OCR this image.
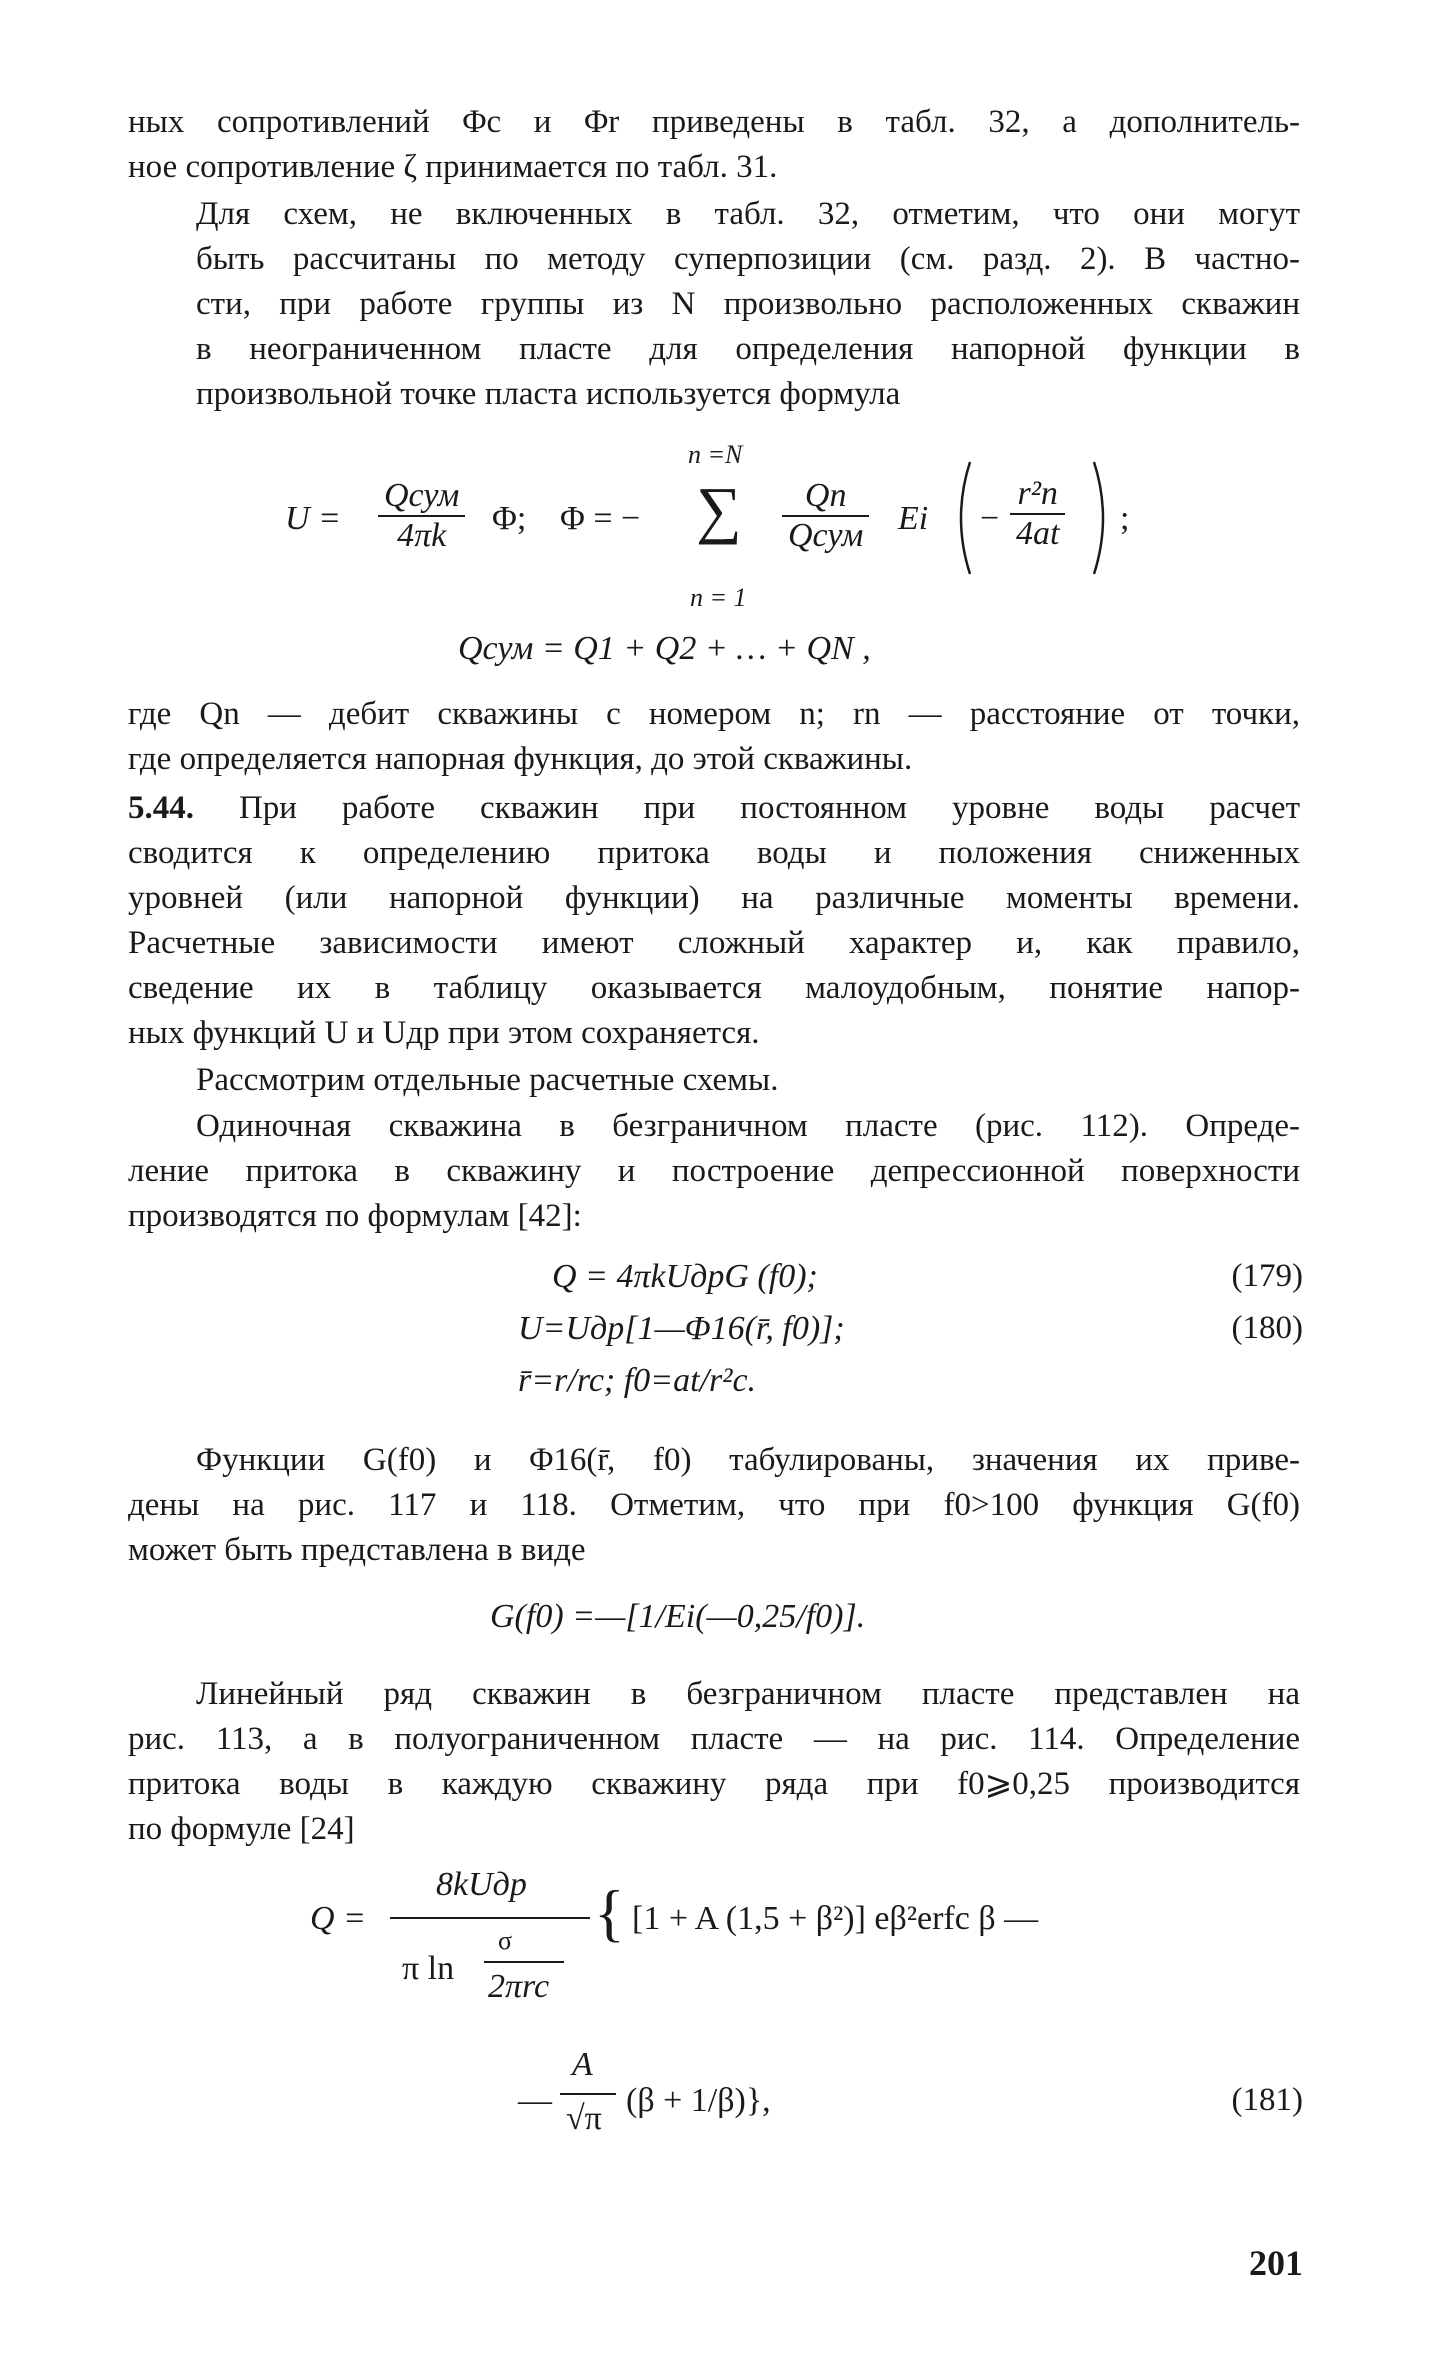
ных сопротивлений Φc и Φr приведены в табл. 32, а дополнитель-
ное сопротивление ζ принимается по табл. 31.
Для схем, не включенных в табл. 32, отметим, что они могут
быть рассчитаны по методу суперпозиции (см. разд. 2). В частно-
сти, при работе группы из N произвольно расположенных скважин
в неограниченном пласте для определения напорной функции в
произвольной точке пласта используется формула
$U = \frac{\text{Qсум}}{4\pi k} \Phi$; Φ = −
n =N
∑
n = 1
$\frac{Qn}{\text{Qсум}}$ $Ei - \frac{\text{r²n}}{4at}$ ;
Qсум = Q1 + Q2 + … + QN ,
где Qn — дебит скважины с номером n; rn — расстояние от точки,
где определяется напорная функция, до этой скважины.
5.44. При работе скважин при постоянном уровне воды расчет
сводится к определению притока воды и положения сниженных
уровней (или напорной функции) на различные моменты времени.
Расчетные зависимости имеют сложный характер и, как правило,
сведение их в таблицу оказывается малоудобным, понятие напор-
ных функций U и Uдр при этом сохраняется.
Рассмотрим отдельные расчетные схемы.
Одиночная скважина в безграничном пласте (рис. 112). Опреде-
ление притока в скважину и построение депрессионной поверхности
производятся по формулам [42]:
Q = 4πkUдрG (f0);	(179)
U=Uдр[1—Φ16(r̄, f0)];	(180)
r̄=r/rc; f0=at/r²c.
Функции G(f0) и Φ16(r̄, f0) табулированы, значения их приве-
дены на рис. 117 и 118. Отметим, что при f0>100 функция G(f0)
может быть представлена в виде
G(f0) =—[1/Ei(—0,25/f0)].
Линейный ряд скважин в безграничном пласте представлен на
рис. 113, а в полуограниченном пласте — на рис. 114. Определение
притока воды в каждую скважину ряда при f0⩾0,25 производится
по формуле [24]
Q =
8kUдр
π ln
σ
2πrc
{ [1 + A (1,5 + β²)] eβ²erfc β —
—
A
√π (β + 1/β)},	(181)
201
